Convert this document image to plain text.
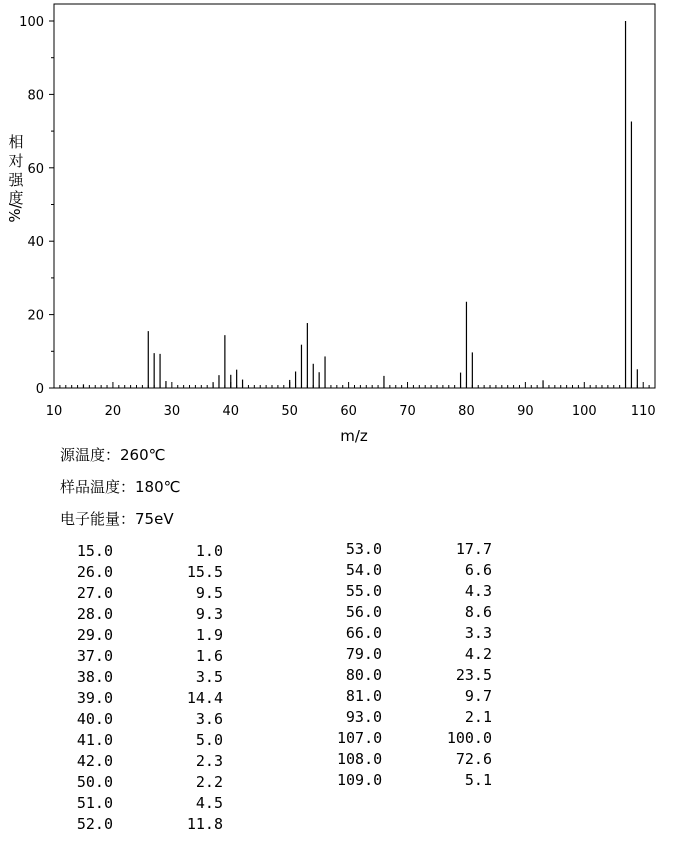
10	20	30	40	50	60	70	80	90	100	110
0
20
40
60
80
100
m/z
相
对
强
度
%/
源温度：260℃
样品温度：180℃
电子能量：75eV
15.0	1.0
26.0	15.5
27.0	9.5
28.0	9.3
29.0	1.9
37.0	1.6
38.0	3.5
39.0	14.4
40.0	3.6
41.0	5.0
42.0	2.3
50.0	2.2
51.0	4.5
52.0	11.8
53.0	17.7
54.0	6.6
55.0	4.3
56.0	8.6
66.0	3.3
79.0	4.2
80.0	23.5
81.0	9.7
93.0	2.1
107.0	100.0
108.0	72.6
109.0	5.1
